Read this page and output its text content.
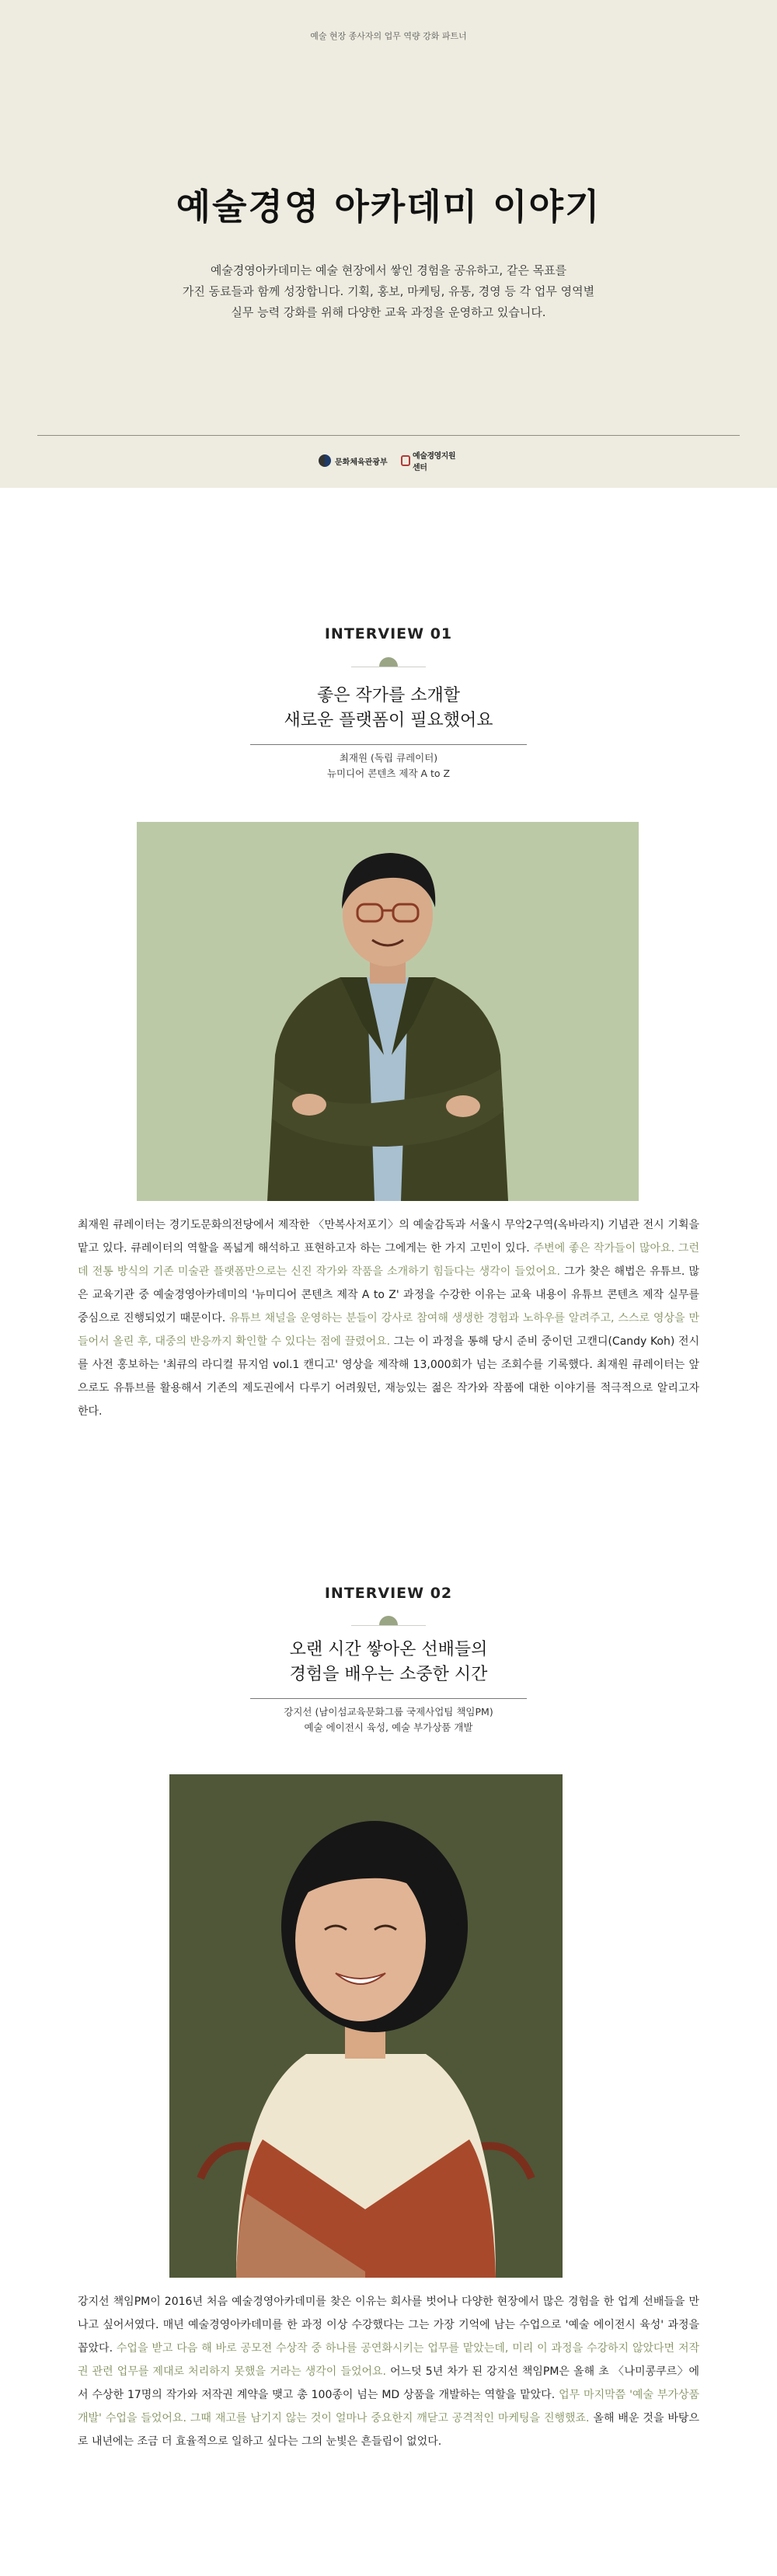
예술 현장 종사자의 업무 역량 강화 파트너
예술경영 아카데미 이야기
예술경영아카데미는 예술 현장에서 쌓인 경험을 공유하고, 같은 목표를
가진 동료들과 함께 성장합니다. 기획, 홍보, 마케팅, 유통, 경영 등 각 업무 영역별
실무 능력 강화를 위해 다양한 교육 과정을 운영하고 있습니다.
문화체육관광부
예술경영지원센터
INTERVIEW 01
좋은 작가를 소개할
새로운 플랫폼이 필요했어요
최재원 (독립 큐레이터)
뉴미디어 콘텐츠 제작 A to Z
최재원 큐레이터는 경기도문화의전당에서 제작한 〈만복사저포기〉의 예술감독과 서울시 무악2구역(옥바라지) 기념관 전시 기획을 맡고 있다. 큐레이터의 역할을 폭넓게 해석하고 표현하고자 하는 그에게는 한 가지 고민이 있다. 주변에 좋은 작가들이 많아요. 그런데 전통 방식의 기존 미술관 플랫폼만으로는 신진 작가와 작품을 소개하기 힘들다는 생각이 들었어요. 그가 찾은 해법은 유튜브. 많은 교육기관 중 예술경영아카데미의 '뉴미디어 콘텐츠 제작 A to Z' 과정을 수강한 이유는 교육 내용이 유튜브 콘텐츠 제작 실무를 중심으로 진행되었기 때문이다. 유튜브 채널을 운영하는 분들이 강사로 참여해 생생한 경험과 노하우를 알려주고, 스스로 영상을 만들어서 올린 후, 대중의 반응까지 확인할 수 있다는 점에 끌렸어요. 그는 이 과정을 통해 당시 준비 중이던 고캔디(Candy Koh) 전시를 사전 홍보하는 '최큐의 라디컬 뮤지엄 vol.1 캔디고' 영상을 제작해 13,000회가 넘는 조회수를 기록했다. 최재원 큐레이터는 앞으로도 유튜브를 활용해서 기존의 제도권에서 다루기 어려웠던, 재능있는 젊은 작가와 작품에 대한 이야기를 적극적으로 알리고자 한다.
INTERVIEW 02
오랜 시간 쌓아온 선배들의
경험을 배우는 소중한 시간
강지선 (남이섬교육문화그룹 국제사업팀 책임PM)
예술 에이전시 육성, 예술 부가상품 개발
강지선 책임PM이 2016년 처음 예술경영아카데미를 찾은 이유는 회사를 벗어나 다양한 현장에서 많은 경험을 한 업계 선배들을 만나고 싶어서였다. 매년 예술경영아카데미를 한 과정 이상 수강했다는 그는 가장 기억에 남는 수업으로 '예술 에이전시 육성' 과정을 꼽았다. 수업을 받고 다음 해 바로 공모전 수상작 중 하나를 공연화시키는 업무를 맡았는데, 미리 이 과정을 수강하지 않았다면 저작권 관련 업무를 제대로 처리하지 못했을 거라는 생각이 들었어요. 어느덧 5년 차가 된 강지선 책임PM은 올해 초 〈나미콩쿠르〉에서 수상한 17명의 작가와 저작권 계약을 맺고 총 100종이 넘는 MD 상품을 개발하는 역할을 맡았다. 업무 마지막쯤 '예술 부가상품 개발' 수업을 들었어요. 그때 재고를 남기지 않는 것이 얼마나 중요한지 깨닫고 공격적인 마케팅을 진행했죠. 올해 배운 것을 바탕으로 내년에는 조금 더 효율적으로 일하고 싶다는 그의 눈빛은 흔들림이 없었다.
